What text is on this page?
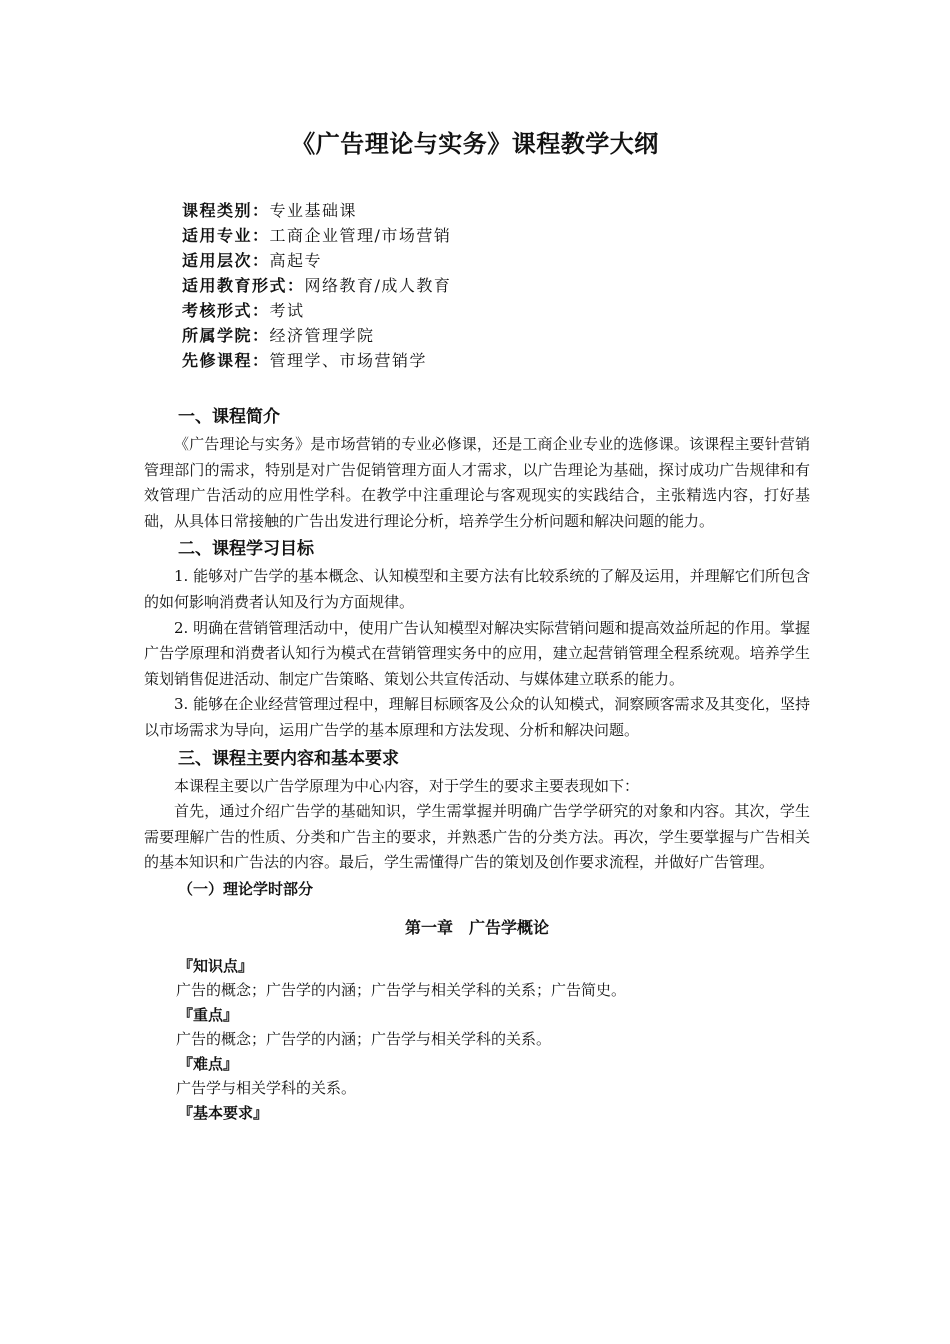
《广告理论与实务》课程教学大纲
课程类别：专业基础课
适用专业：工商企业管理/市场营销
适用层次：高起专
适用教育形式：网络教育/成人教育
考核形式：考试
所属学院：经济管理学院
先修课程：管理学、市场营销学
一、课程简介

《广告理论与实务》是市场营销的专业必修课，还是工商企业专业的选修课。该课程主要针营销管理部门的需求，特别是对广告促销管理方面人才需求，以广告理论为基础，探讨成功广告规律和有效管理广告活动的应用性学科。在教学中注重理论与客观现实的实践结合，主张精选内容，打好基础，从具体日常接触的广告出发进行理论分析，培养学生分析问题和解决问题的能力。

二、课程学习目标

1. 能够对广告学的基本概念、认知模型和主要方法有比较系统的了解及运用，并理解它们所包含的如何影响消费者认知及行为方面规律。

2. 明确在营销管理活动中，使用广告认知模型对解决实际营销问题和提高效益所起的作用。掌握广告学原理和消费者认知行为模式在营销管理实务中的应用，建立起营销管理全程系统观。培养学生策划销售促进活动、制定广告策略、策划公共宣传活动、与媒体建立联系的能力。

3. 能够在企业经营管理过程中，理解目标顾客及公众的认知模式，洞察顾客需求及其变化，坚持以市场需求为导向，运用广告学的基本原理和方法发现、分析和解决问题。

三、课程主要内容和基本要求

本课程主要以广告学原理为中心内容，对于学生的要求主要表现如下：

首先，通过介绍广告学的基础知识，学生需掌握并明确广告学学研究的对象和内容。其次，学生需要理解广告的性质、分类和广告主的要求，并熟悉广告的分类方法。再次，学生要掌握与广告相关的基本知识和广告法的内容。最后，学生需懂得广告的策划及创作要求流程，并做好广告管理。

（一）理论学时部分
第一章　广告学概论
『知识点』
广告的概念；广告学的内涵；广告学与相关学科的关系；广告简史。
『重点』
广告的概念；广告学的内涵；广告学与相关学科的关系。
『难点』
广告学与相关学科的关系。
『基本要求』
